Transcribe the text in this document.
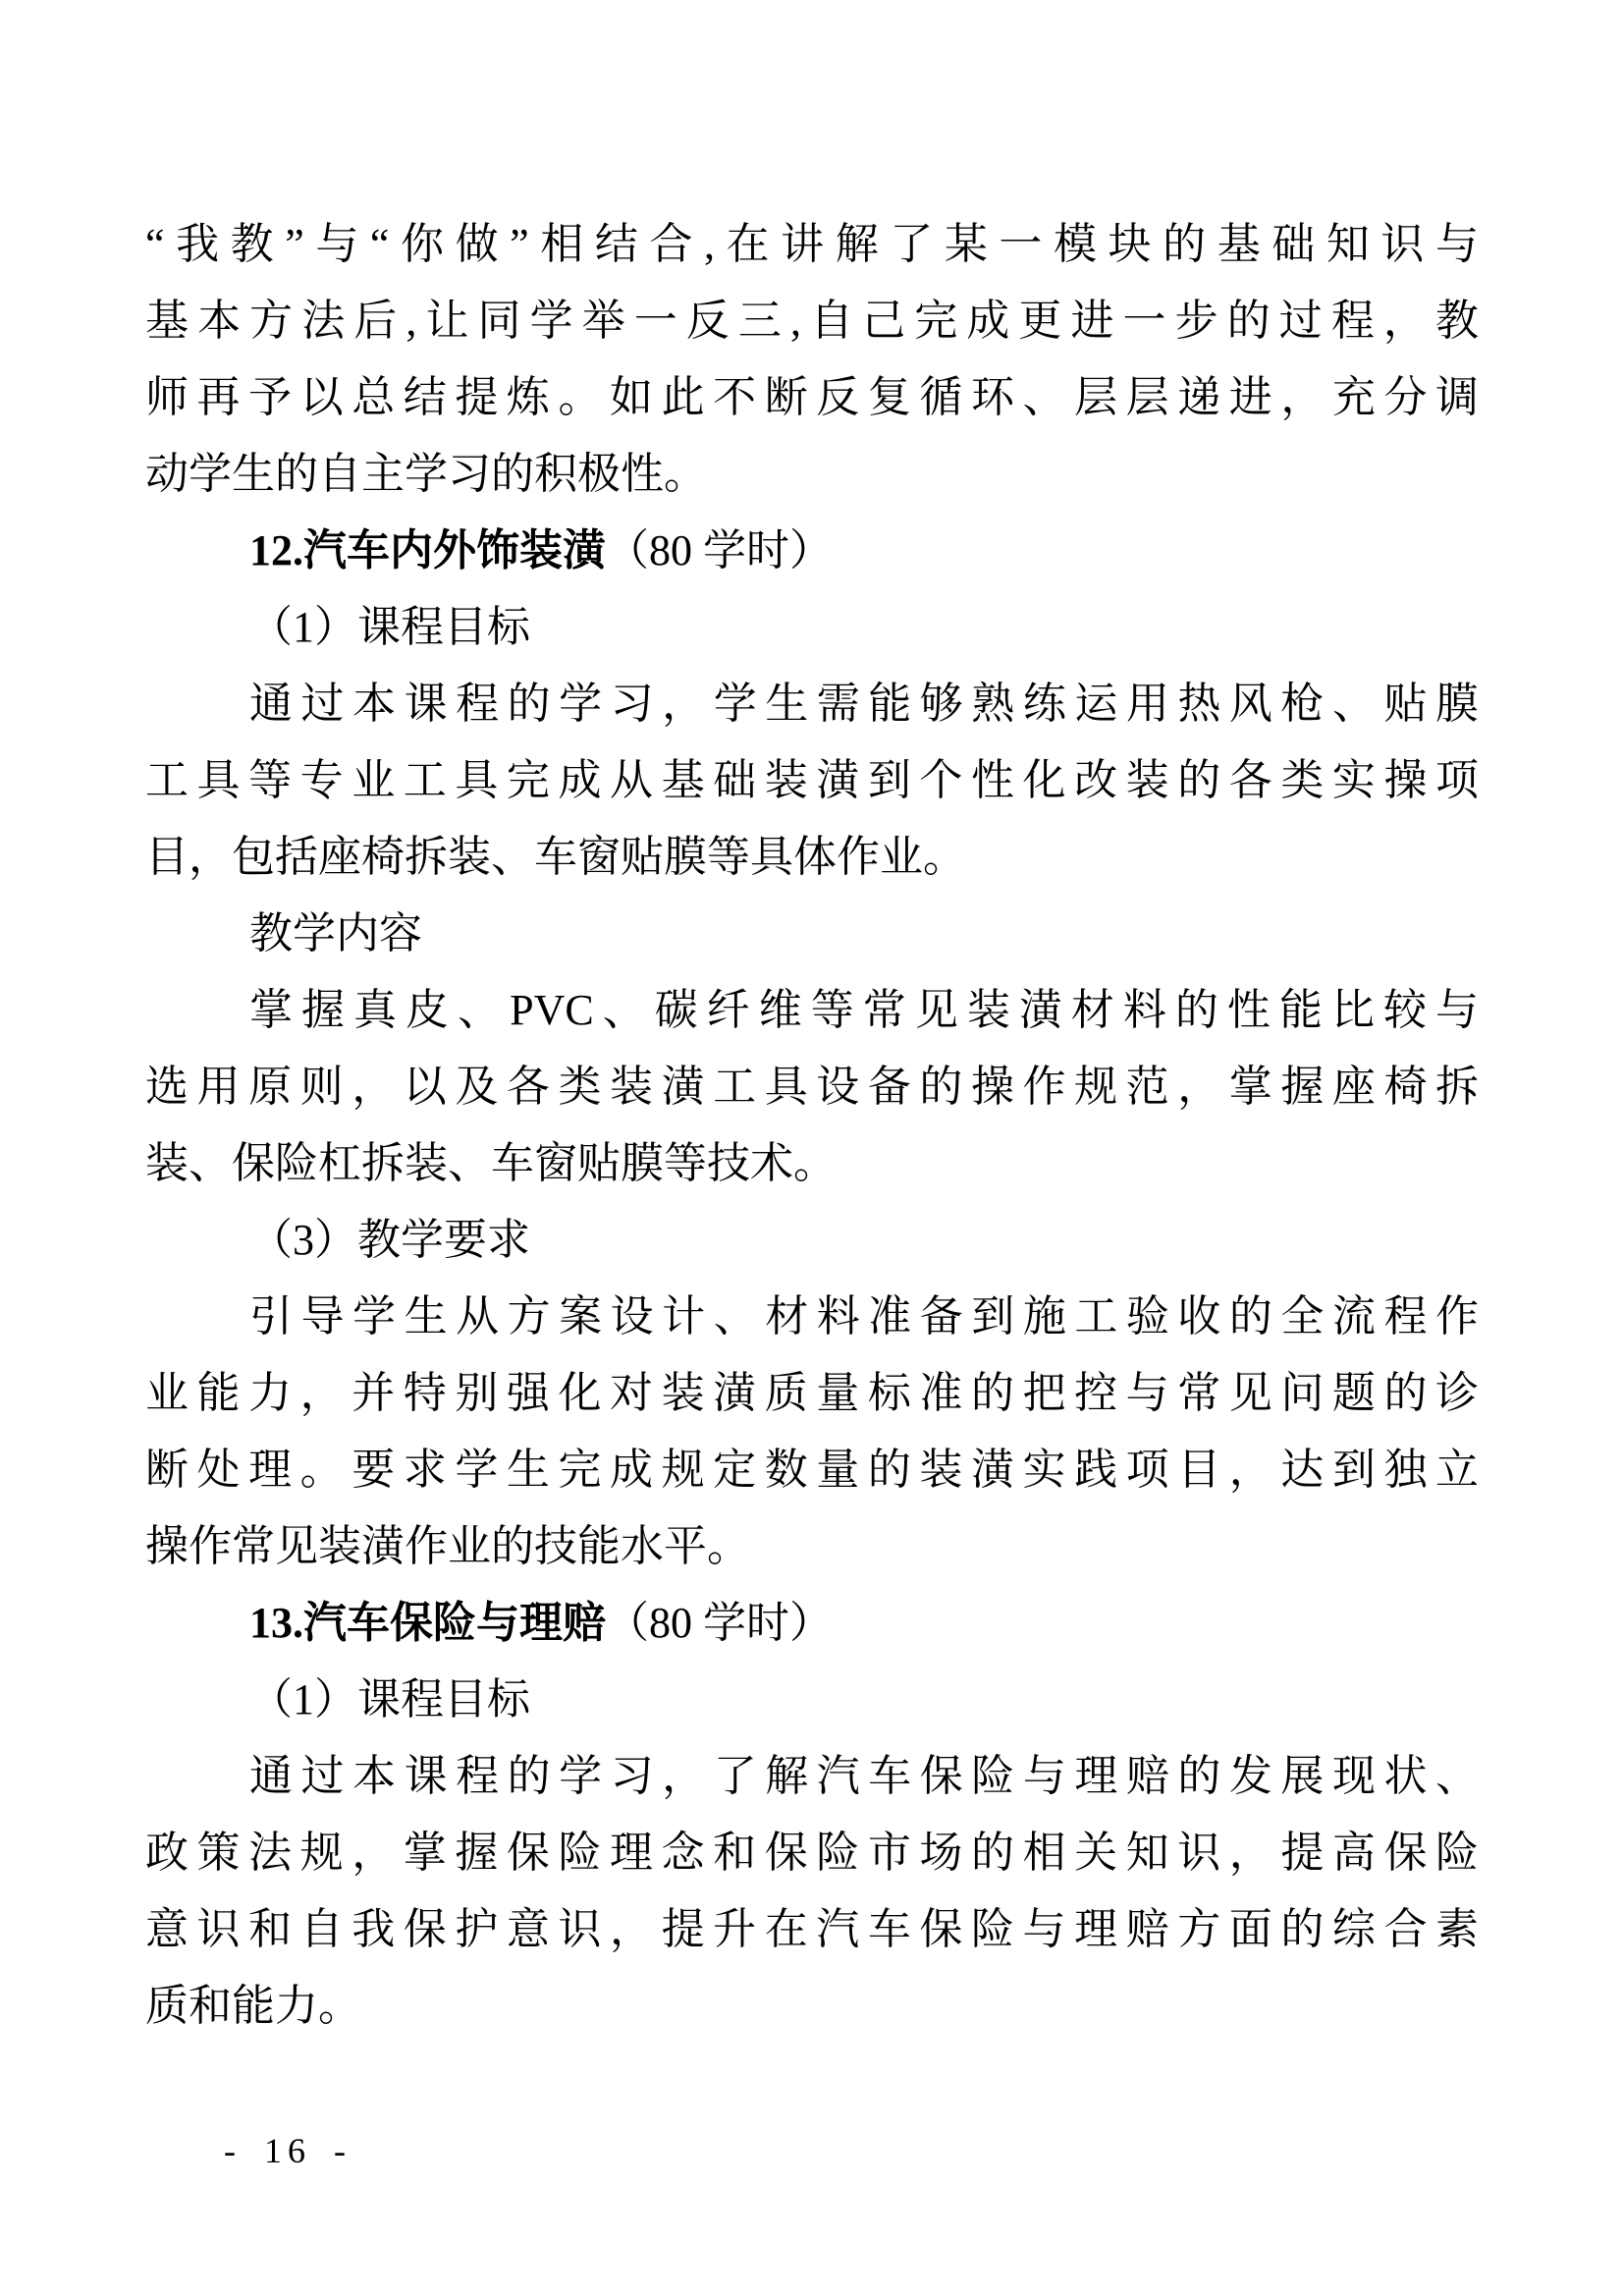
“我教”与“你做”相结合,在讲解了某一模块的基础知识与
基本方法后,让同学举一反三,自己完成更进一步的过程，教
师再予以总结提炼。如此不断反复循环、层层递进，充分调
动学生的自主学习的积极性。
12.汽车内外饰装潢（80 学时）
（1）课程目标
通过本课程的学习，学生需能够熟练运用热风枪、贴膜
工具等专业工具完成从基础装潢到个性化改装的各类实操项
目，包括座椅拆装、车窗贴膜等具体作业。
教学内容
掌握真皮、PVC、碳纤维等常见装潢材料的性能比较与
选用原则，以及各类装潢工具设备的操作规范，掌握座椅拆
装、保险杠拆装、车窗贴膜等技术。
（3）教学要求
引导学生从方案设计、材料准备到施工验收的全流程作
业能力，并特别强化对装潢质量标准的把控与常见问题的诊
断处理。要求学生完成规定数量的装潢实践项目，达到独立
操作常见装潢作业的技能水平。
13.汽车保险与理赔（80 学时）
（1）课程目标
通过本课程的学习，了解汽车保险与理赔的发展现状、
政策法规，掌握保险理念和保险市场的相关知识，提高保险
意识和自我保护意识，提升在汽车保险与理赔方面的综合素
质和能力。
- 16 -
